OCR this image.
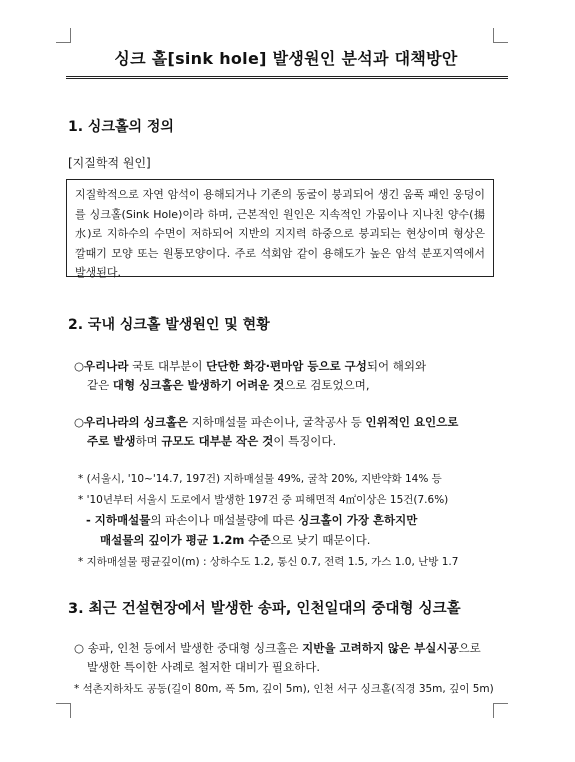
싱크 홀[sink hole] 발생원인 분석과 대책방안
1. 싱크홀의 정의
[지질학적 원인]
지질학적으로 자연 암석이 용해되거나 기존의 동굴이 붕괴되어 생긴 움푹 패인 웅덩이를 싱크홀(Sink Hole)이라 하며, 근본적인 원인은 지속적인 가뭄이나 지나친 양수(揚水)로 지하수의 수면이 저하되어 지반의 지지력 하중으로 붕괴되는 현상이며 형상은 깔때기 모양 또는 원통모양이다. 주로 석회암 같이 용해도가 높은 암석 분포지역에서 발생된다.
2. 국내 싱크홀 발생원인 및 현황
○우리나라 국토 대부분이 단단한 화강·편마암 등으로 구성되어 해외와
같은 대형 싱크홀은 발생하기 어려운 것으로 검토었으며,
○우리나라의 싱크홀은 지하매설물 파손이나, 굴착공사 등 인위적인 요인으로
주로 발생하며 규모도 대부분 작은 것이 특징이다.
* (서울시, '10~'14.7, 197건) 지하매설물 49%, 굴착 20%, 지반약화 14% 등
* '10년부터 서울시 도로에서 발생한 197건 중 피해면적 4㎡이상은 15건(7.6%)
- 지하매설물의 파손이나 매설불량에 따른 싱크홀이 가장 흔하지만
매설물의 깊이가 평균 1.2m 수준으로 낮기 때문이다.
* 지하매설물 평균깊이(m) : 상하수도 1.2, 통신 0.7, 전력 1.5, 가스 1.0, 난방 1.7
3. 최근 건설현장에서 발생한 송파, 인천일대의 중대형 싱크홀
○ 송파, 인천 등에서 발생한 중대형 싱크홀은 지반을 고려하지 않은 부실시공으로
발생한 특이한 사례로 철저한 대비가 필요하다.
* 석촌지하차도 공동(길이 80m, 폭 5m, 깊이 5m), 인천 서구 싱크홀(직경 35m, 깊이 5m)
